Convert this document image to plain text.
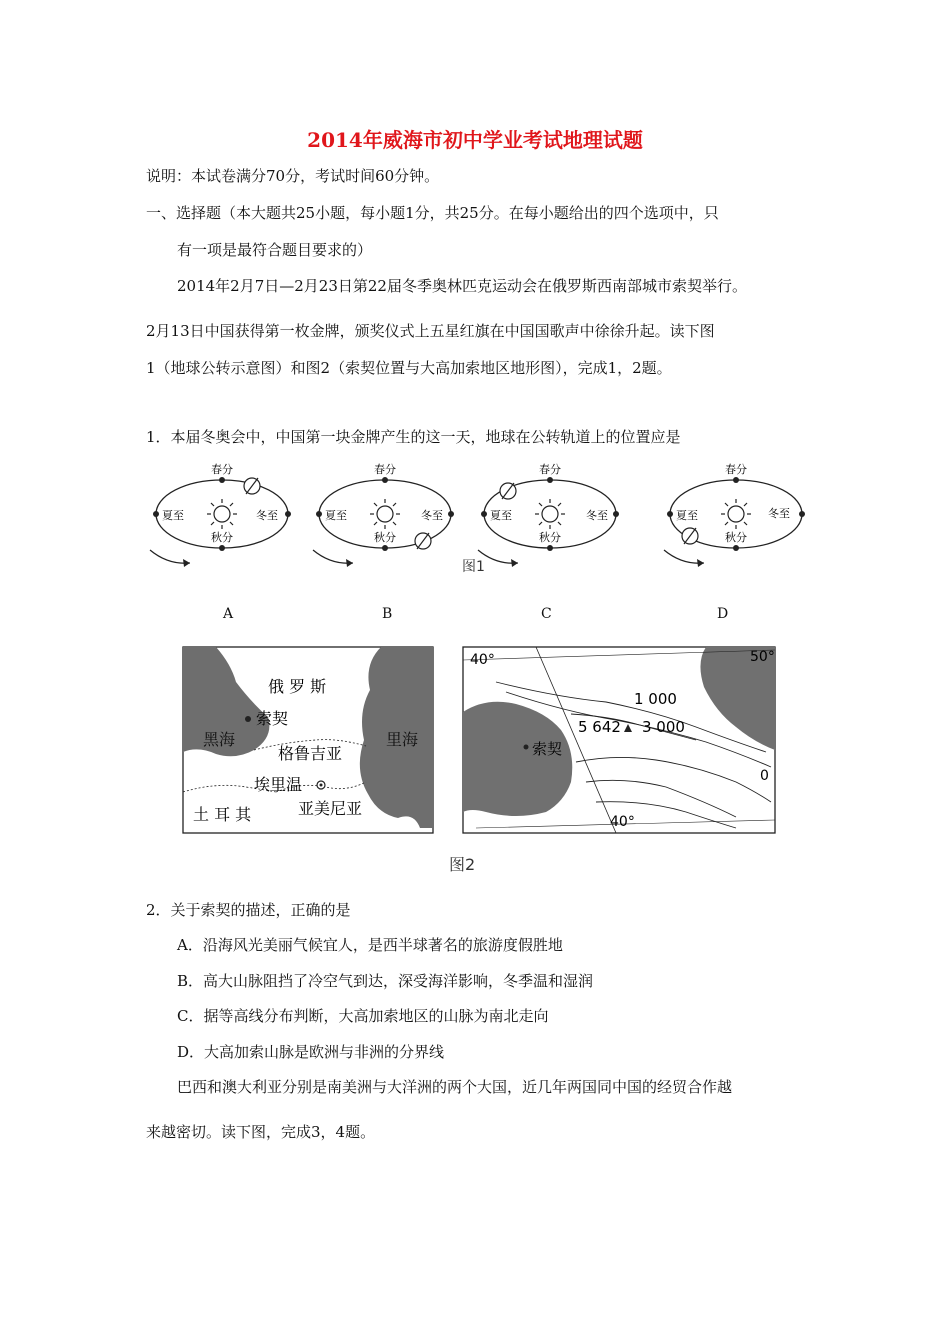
2014年威海市初中学业考试地理试题
说明：本试卷满分70分，考试时间60分钟。
一、选择题（本大题共25小题，每小题1分，共25分。在每小题给出的四个选项中，只
有一项是最符合题目要求的）
2014年2月7日—2月23日第22届冬季奥林匹克运动会在俄罗斯西南部城市索契举行。
2月13日中国获得第一枚金牌，颁奖仪式上五星红旗在中国国歌声中徐徐升起。读下图
1（地球公转示意图）和图2（索契位置与大高加索地区地形图），完成1，2题。
1．本届冬奥会中，中国第一块金牌产生的这一天，地球在公转轨道上的位置应是
春分
夏至	冬至
秋分
春分
夏至	冬至
秋分
春分
夏至	冬至
秋分
春分
夏至	冬至
秋分
图1
A	B	C	D
俄 罗 斯
索契
黑海
格鲁吉亚
里海
埃里温
土 耳 其	亚美尼亚
40°	50°
1 000
5 642 3 000
索契
0
40°
图2
2．关于索契的描述，正确的是
A．沿海风光美丽气候宜人，是西半球著名的旅游度假胜地
B．高大山脉阻挡了冷空气到达，深受海洋影响，冬季温和湿润
C．据等高线分布判断，大高加索地区的山脉为南北走向
D．大高加索山脉是欧洲与非洲的分界线
巴西和澳大利亚分别是南美洲与大洋洲的两个大国，近几年两国同中国的经贸合作越
来越密切。读下图，完成3，4题。
